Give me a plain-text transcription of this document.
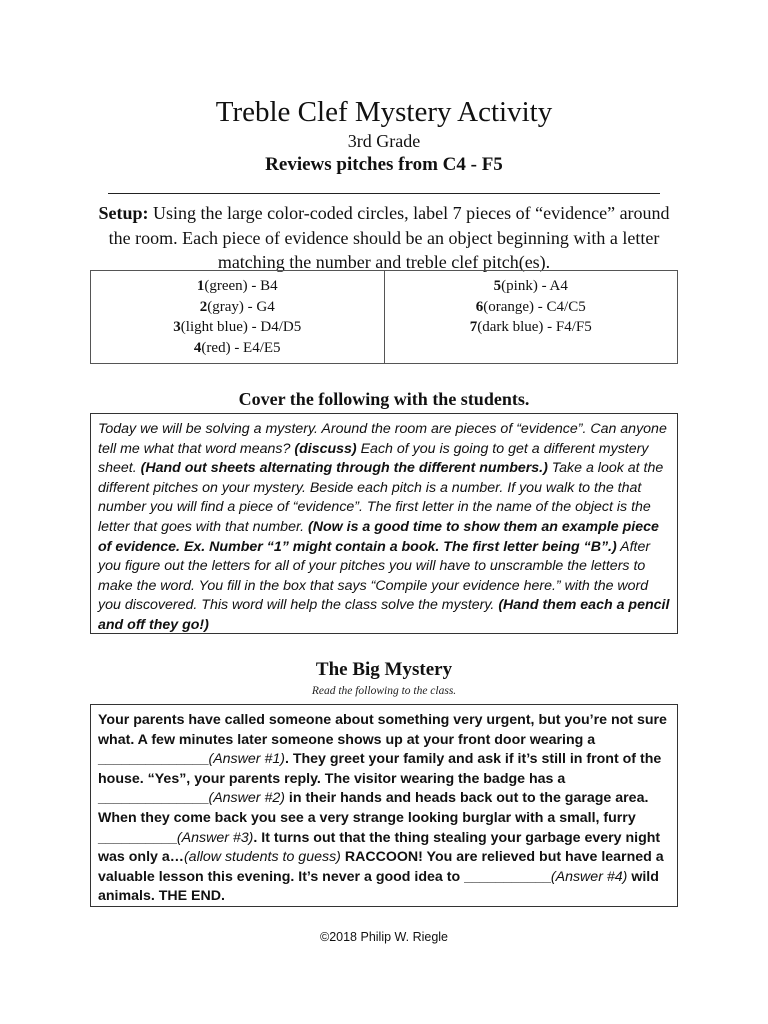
Treble Clef Mystery Activity
3rd Grade
Reviews pitches from C4 - F5
Setup: Using the large color-coded circles, label 7 pieces of “evidence” around the room. Each piece of evidence should be an object beginning with a letter matching the number and treble clef pitch(es).
1(green) - B4
2(gray) - G4
3(light blue) - D4/D5
4(red) - E4/E5
5(pink) - A4
6(orange) - C4/C5
7(dark blue) - F4/F5
Cover the following with the students.
Today we will be solving a mystery. Around the room are pieces of “evidence”. Can anyone tell me what that word means? (discuss) Each of you is going to get a different mystery sheet. (Hand out sheets alternating through the different numbers.) Take a look at the different pitches on your mystery. Beside each pitch is a number. If you walk to the that number you will find a piece of “evidence”. The first letter in the name of the object is the letter that goes with that number. (Now is a good time to show them an example piece of evidence. Ex. Number “1” might contain a book. The first letter being “B”.) After you figure out the letters for all of your pitches you will have to unscramble the letters to make the word. You fill in the box that says “Compile your evidence here.” with the word you discovered. This word will help the class solve the mystery. (Hand them each a pencil and off they go!)
The Big Mystery
Read the following to the class.
Your parents have called someone about something very urgent, but you’re not sure what. A few minutes later someone shows up at your front door wearing a ______________(Answer #1). They greet your family and ask if it’s still in front of the house. “Yes”, your parents reply. The visitor wearing the badge has a ______________(Answer #2) in their hands and heads back out to the garage area. When they come back you see a very strange looking burglar with a small, furry __________(Answer #3). It turns out that the thing stealing your garbage every night was only a…(allow students to guess) RACCOON! You are relieved but have learned a valuable lesson this evening. It’s never a good idea to ___________(Answer #4) wild animals. THE END.
©2018 Philip W. Riegle
